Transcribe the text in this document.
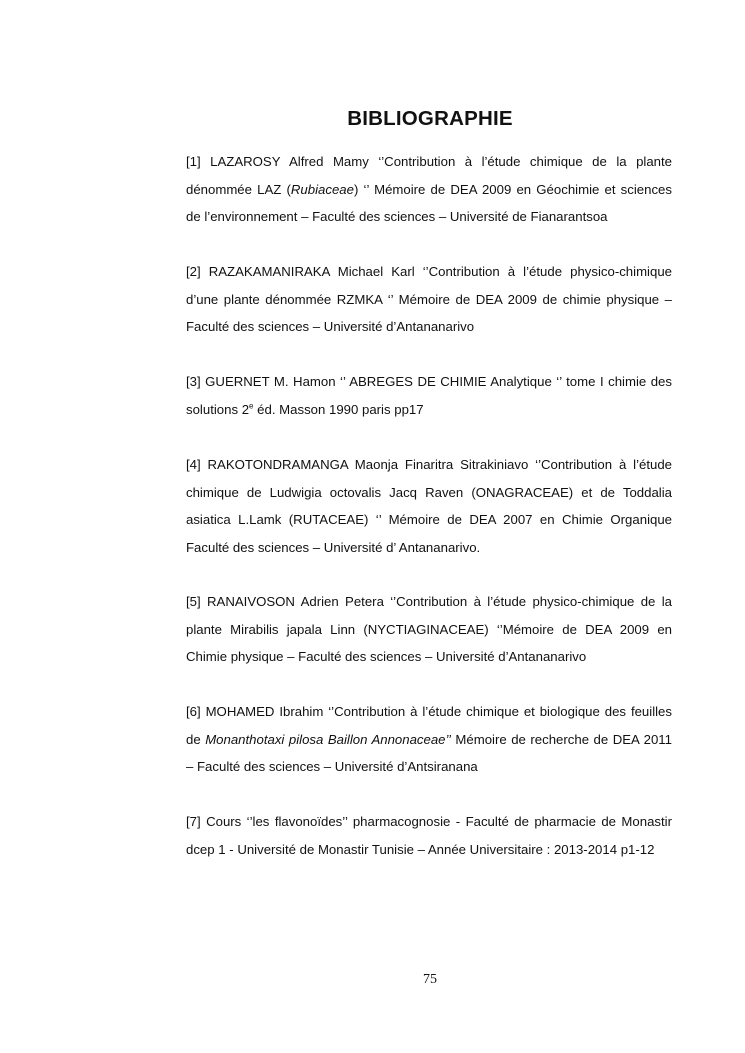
BIBLIOGRAPHIE
[1] LAZAROSY Alfred Mamy ‘’Contribution à l’étude chimique de la plante dénommée LAZ (Rubiaceae) ‘’ Mémoire de DEA 2009 en Géochimie et sciences de l’environnement – Faculté des sciences – Université de Fianarantsoa
[2] RAZAKAMANIRAKA Michael Karl ‘’Contribution à l’étude physico-chimique d’une plante dénommée RZMKA ‘’ Mémoire de DEA 2009 de chimie physique – Faculté des sciences – Université d’Antananarivo
[3] GUERNET M. Hamon ‘’ ABREGES DE CHIMIE Analytique ‘’ tome I chimie des solutions 2e éd. Masson 1990 paris pp17
[4] RAKOTONDRAMANGA Maonja Finaritra Sitrakiniavo ‘’Contribution à l’étude chimique de Ludwigia octovalis Jacq Raven (ONAGRACEAE) et de Toddalia asiatica L.Lamk (RUTACEAE) ‘’ Mémoire de DEA 2007 en Chimie Organique Faculté des sciences – Université d’ Antananarivo.
[5] RANAIVOSON Adrien Petera ‘’Contribution à l’étude physico-chimique de la plante Mirabilis japala Linn (NYCTIAGINACEAE) ‘’Mémoire de DEA 2009 en Chimie physique – Faculté des sciences – Université d’Antananarivo
[6] MOHAMED Ibrahim ‘’Contribution à l’étude chimique et biologique des feuilles de Monanthotaxi pilosa Baillon Annonaceae’’ Mémoire de recherche de DEA 2011 – Faculté des sciences – Université d’Antsiranana
[7] Cours ‘’les flavonoïdes’’ pharmacognosie - Faculté de pharmacie de Monastir dcep 1 - Université de Monastir Tunisie – Année Universitaire : 2013-2014 p1-12
75
